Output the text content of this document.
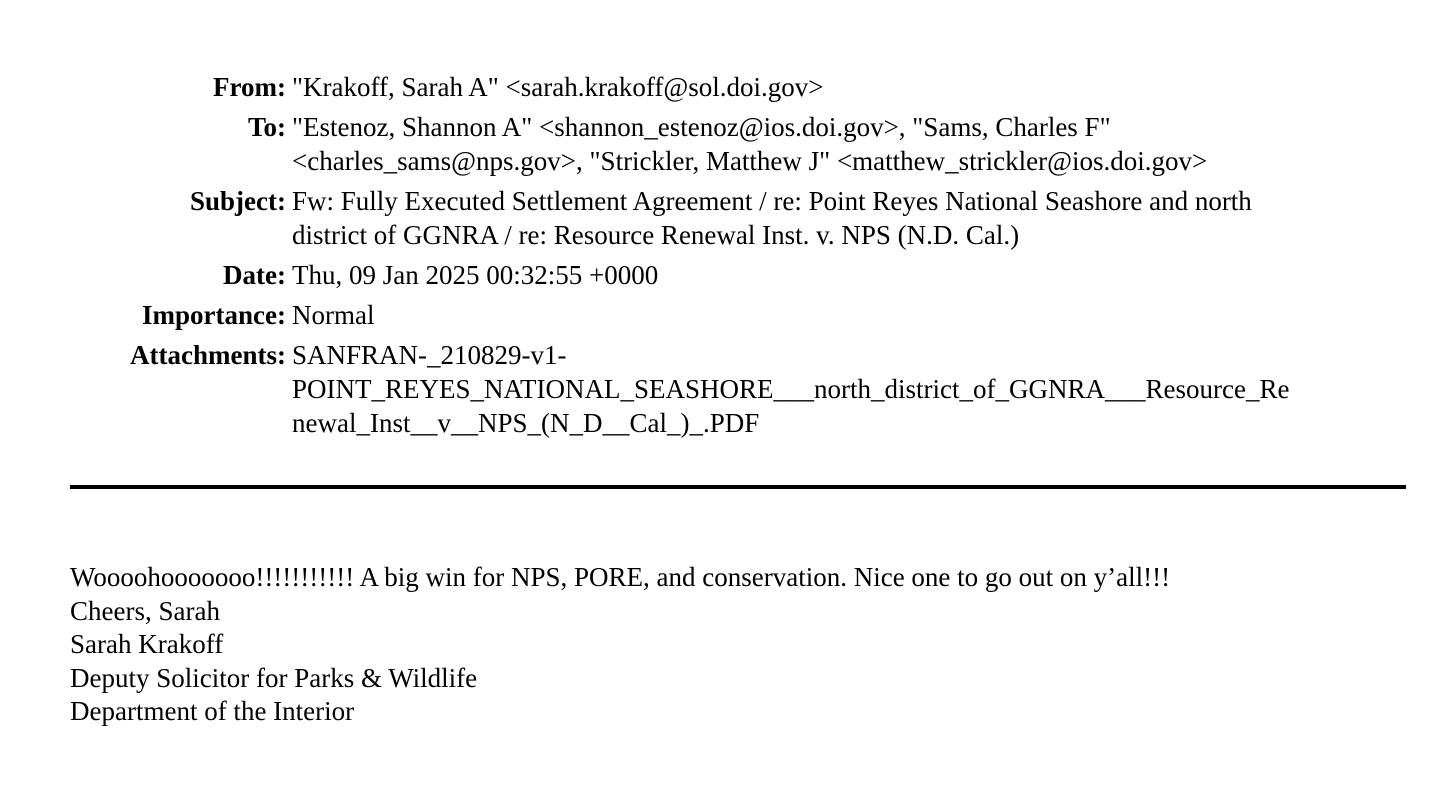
From: "Krakoff, Sarah A" <sarah.krakoff@sol.doi.gov>
To: "Estenoz, Shannon A" <shannon_estenoz@ios.doi.gov>, "Sams, Charles F"
<charles_sams@nps.gov>, "Strickler, Matthew J" <matthew_strickler@ios.doi.gov>
Subject: Fw: Fully Executed Settlement Agreement / re: Point Reyes National Seashore and north
district of GGNRA / re: Resource Renewal Inst. v. NPS (N.D. Cal.)
Date: Thu, 09 Jan 2025 00:32:55 +0000
Importance: Normal
Attachments: SANFRAN-_210829-v1-
POINT_REYES_NATIONAL_SEASHORE___north_district_of_GGNRA___Resource_Re
newal_Inst__v__NPS_(N_D__Cal_)_.PDF
Woooohooooooo!!!!!!!!!!! A big win for NPS, PORE, and conservation. Nice one to go out on y’all!!!
Cheers, Sarah
Sarah Krakoff
Deputy Solicitor for Parks & Wildlife
Department of the Interior
